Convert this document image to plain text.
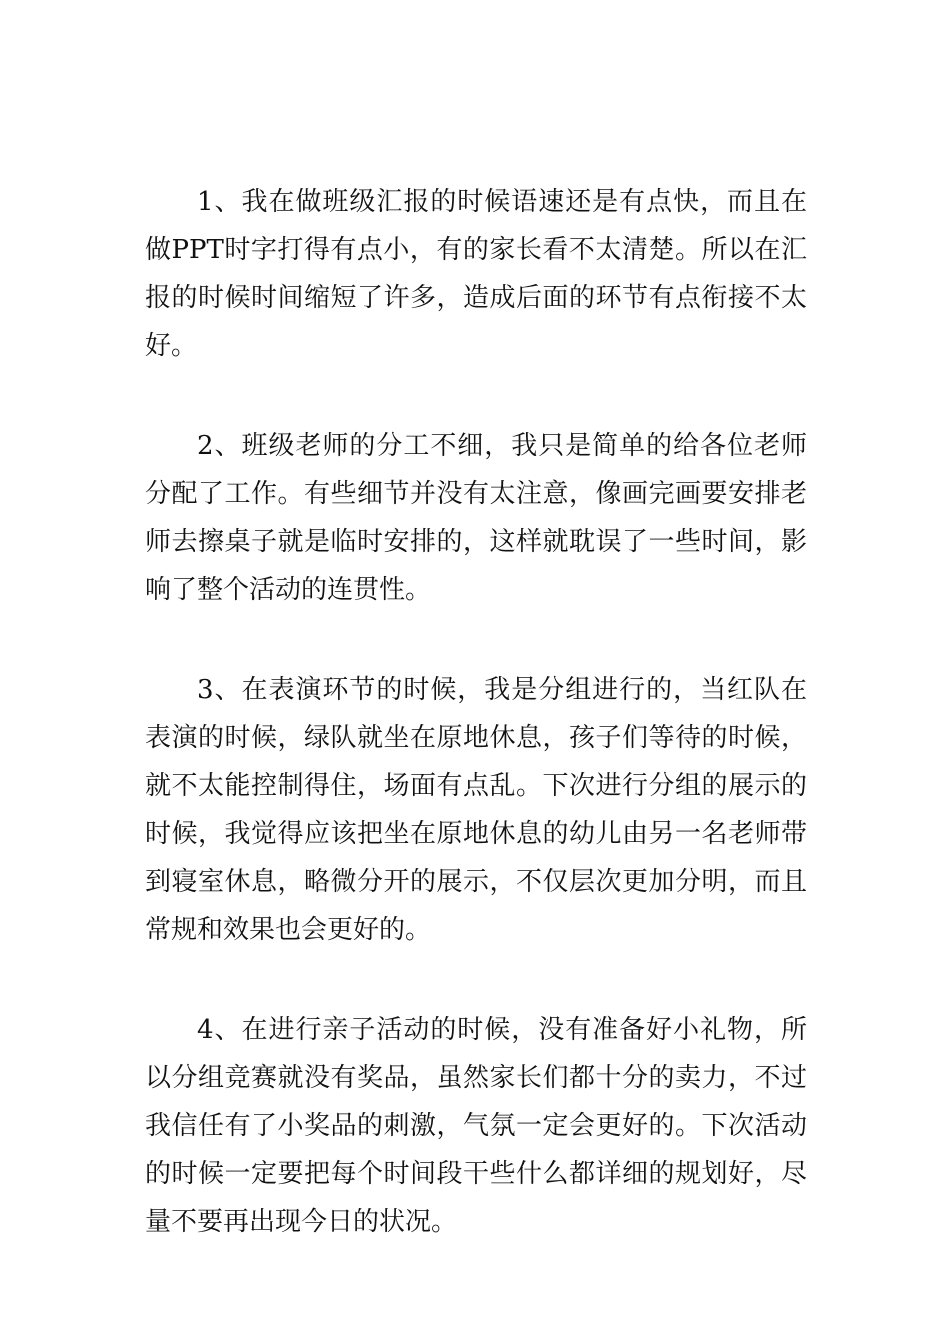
1、我在做班级汇报的时候语速还是有点快，而且在做PPT时字打得有点小，有的家长看不太清楚。所以在汇报的时候时间缩短了许多，造成后面的环节有点衔接不太好。

2、班级老师的分工不细，我只是简单的给各位老师分配了工作。有些细节并没有太注意，像画完画要安排老师去擦桌子就是临时安排的，这样就耽误了一些时间，影响了整个活动的连贯性。

3、在表演环节的时候，我是分组进行的，当红队在表演的时候，绿队就坐在原地休息，孩子们等待的时候，就不太能控制得住，场面有点乱。下次进行分组的展示的时候，我觉得应该把坐在原地休息的幼儿由另一名老师带到寝室休息，略微分开的展示，不仅层次更加分明，而且常规和效果也会更好的。

4、在进行亲子活动的时候，没有准备好小礼物，所以分组竞赛就没有奖品，虽然家长们都十分的卖力，不过我信任有了小奖品的刺激，气氛一定会更好的。下次活动的时候一定要把每个时间段干些什么都详细的规划好，尽量不要再出现今日的状况。
